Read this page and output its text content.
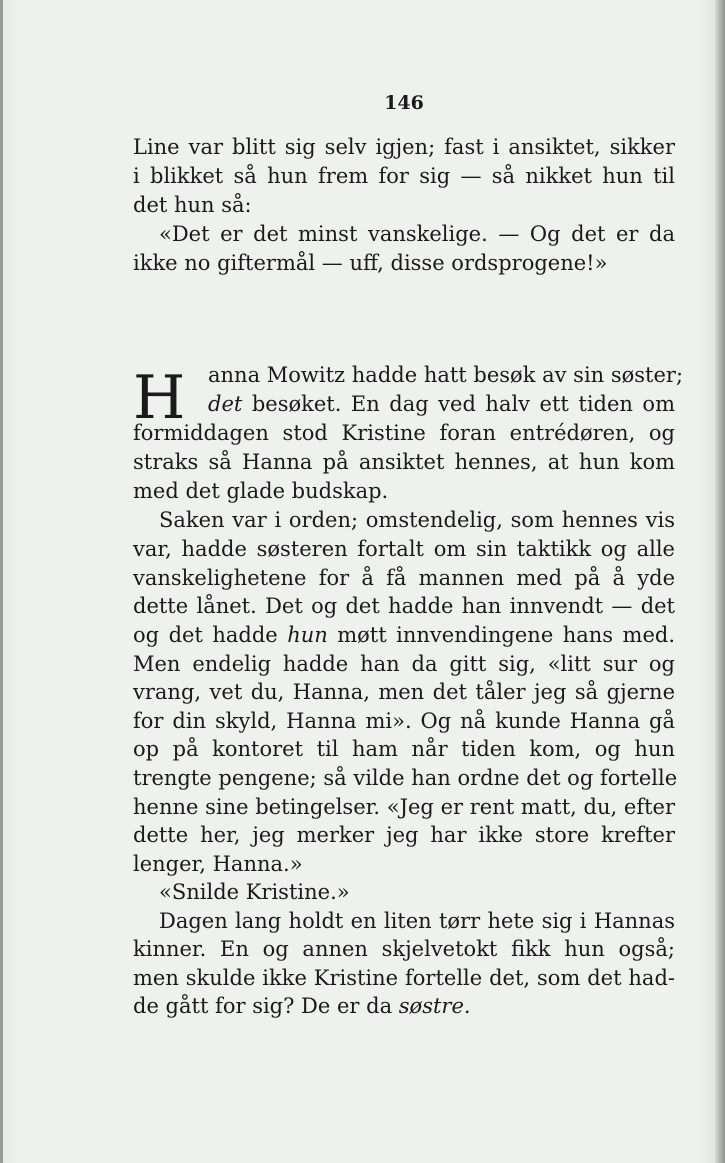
H
146
Line var blitt sig selv igjen; fast i ansiktet, sikker
i blikket så hun frem for sig — så nikket hun til
det hun så:
«Det er det minst vanskelige. — Og det er da
ikke no giftermål — uff, disse ordsprogene!»
anna Mowitz hadde hatt besøk av sin søster;
det besøket. En dag ved halv ett tiden om
formiddagen stod Kristine foran entrédøren, og
straks så Hanna på ansiktet hennes, at hun kom
med det glade budskap.
Saken var i orden; omstendelig, som hennes vis
var, hadde søsteren fortalt om sin taktikk og alle
vanskelighetene for å få mannen med på å yde
dette lånet. Det og det hadde han innvendt — det
og det hadde hun møtt innvendingene hans med.
Men endelig hadde han da gitt sig, «litt sur og
vrang, vet du, Hanna, men det tåler jeg så gjerne
for din skyld, Hanna mi». Og nå kunde Hanna gå
op på kontoret til ham når tiden kom, og hun
trengte pengene; så vilde han ordne det og fortelle
henne sine betingelser. «Jeg er rent matt, du, efter
dette her, jeg merker jeg har ikke store krefter
lenger, Hanna.»
«Snilde Kristine.»
Dagen lang holdt en liten tørr hete sig i Hannas
kinner. En og annen skjelvetokt fikk hun også;
men skulde ikke Kristine fortelle det, som det had-
de gått for sig? De er da søstre.
